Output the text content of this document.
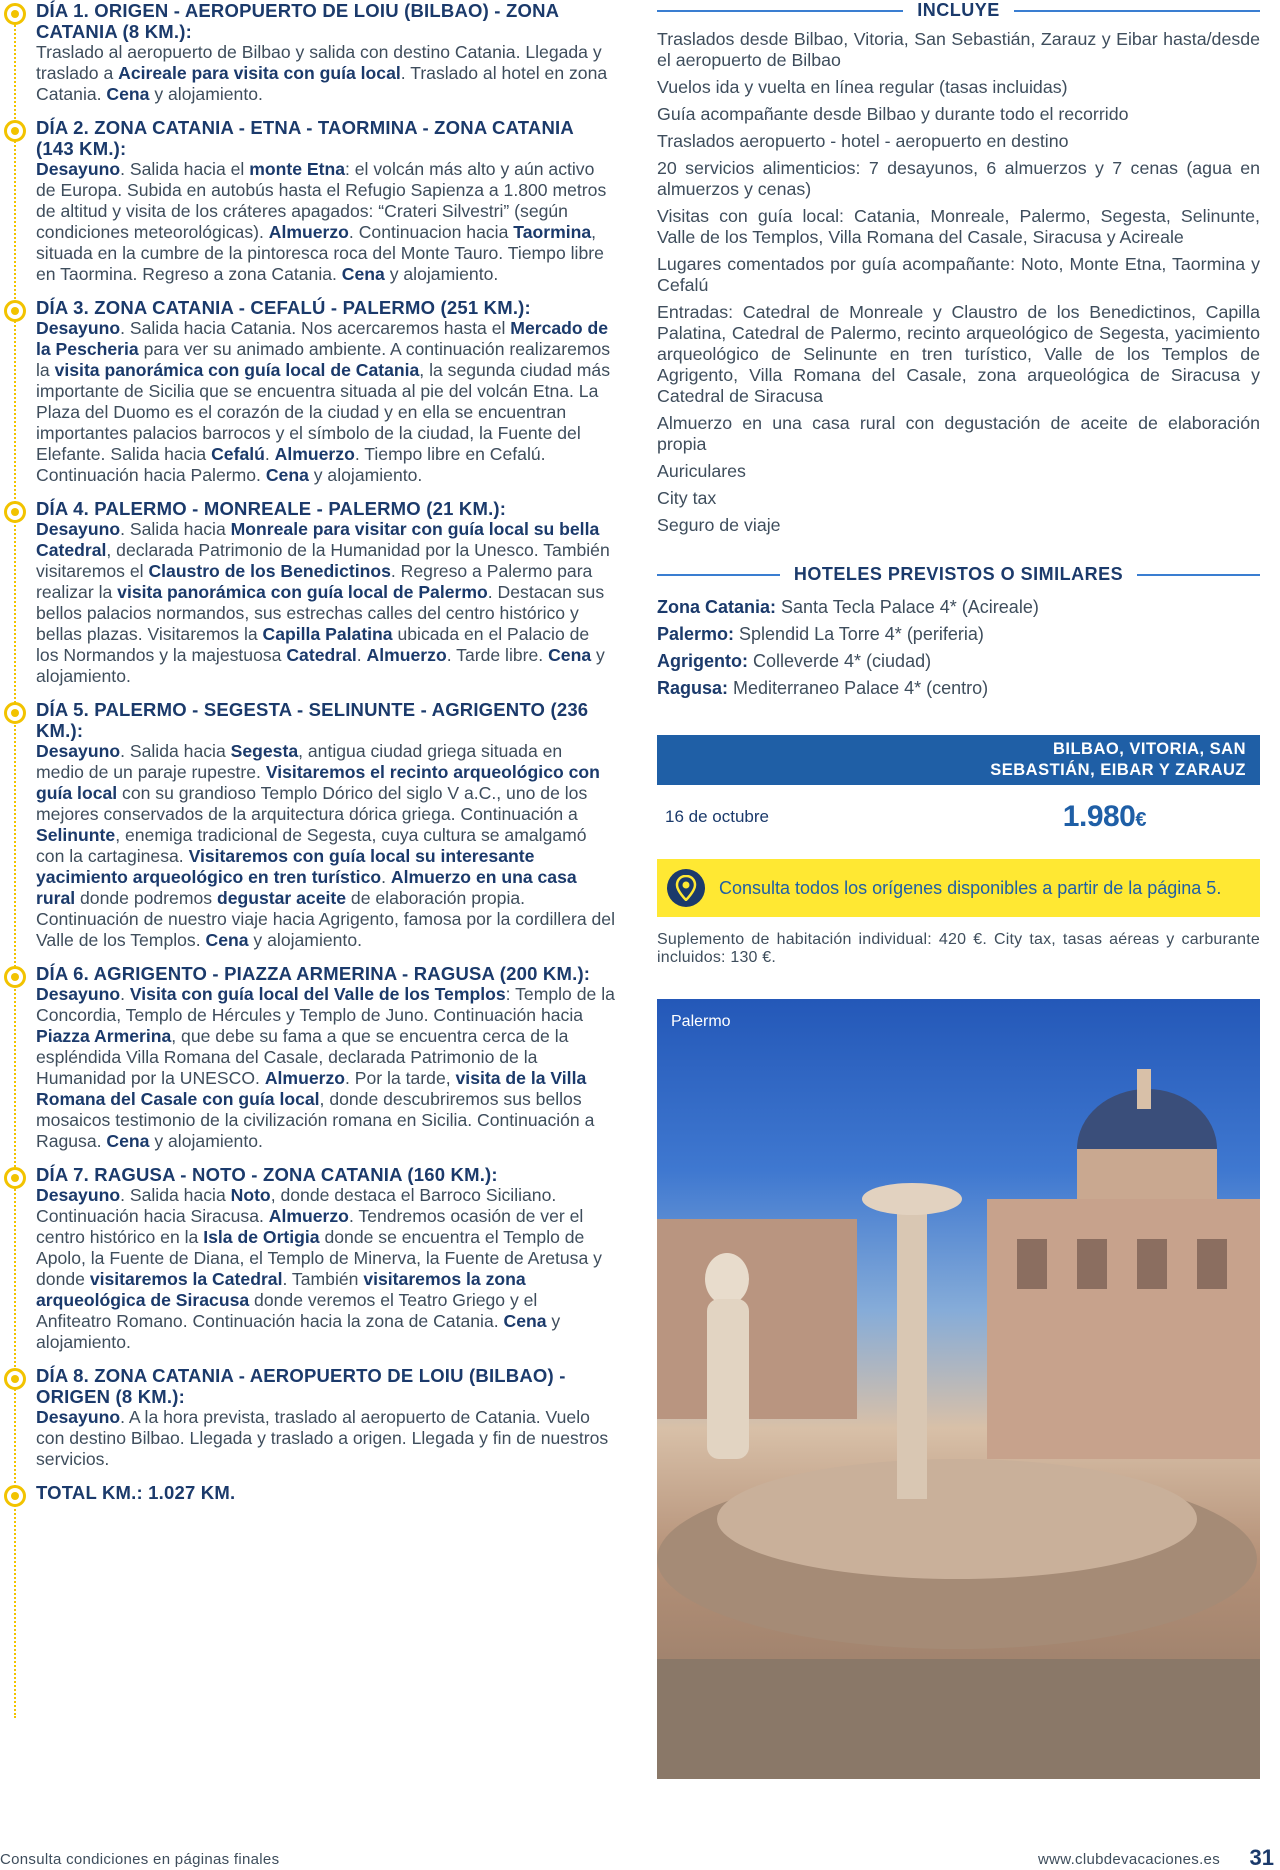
DÍA 1. ORIGEN - AEROPUERTO DE LOIU (BILBAO) - ZONA CATANIA (8 KM.):
Traslado al aeropuerto de Bilbao y salida con destino Catania. Llegada y traslado a Acireale para visita con guía local. Traslado al hotel en zona Catania. Cena y alojamiento.
DÍA 2. ZONA CATANIA - ETNA - TAORMINA - ZONA CATANIA (143 KM.):
Desayuno. Salida hacia el monte Etna: el volcán más alto y aún activo de Europa. Subida en autobús hasta el Refugio Sapienza a 1.800 metros de altitud y visita de los cráteres apagados: “Crateri Silvestri” (según condiciones meteorológicas). Almuerzo. Continuacion hacia Taormina, situada en la cumbre de la pintoresca roca del Monte Tauro. Tiempo libre en Taormina. Regreso a zona Catania. Cena y alojamiento.
DÍA 3. ZONA CATANIA - CEFALÚ - PALERMO (251 KM.):
Desayuno. Salida hacia Catania. Nos acercaremos hasta el Mercado de la Pescheria para ver su animado ambiente. A continuación realizaremos la visita panorámica con guía local de Catania, la segunda ciudad más importante de Sicilia que se encuentra situada al pie del volcán Etna. La Plaza del Duomo es el corazón de la ciudad y en ella se encuentran importantes palacios barrocos y el símbolo de la ciudad, la Fuente del Elefante. Salida hacia Cefalú. Almuerzo. Tiempo libre en Cefalú. Continuación hacia Palermo. Cena y alojamiento.
DÍA 4. PALERMO - MONREALE - PALERMO (21 KM.):
Desayuno. Salida hacia Monreale para visitar con guía local su bella Catedral, declarada Patrimonio de la Humanidad por la Unesco. También visitaremos el Claustro de los Benedictinos. Regreso a Palermo para realizar la visita panorámica con guía local de Palermo. Destacan sus bellos palacios normandos, sus estrechas calles del centro histórico y bellas plazas. Visitaremos la Capilla Palatina ubicada en el Palacio de los Normandos y la majestuosa Catedral. Almuerzo. Tarde libre. Cena y alojamiento.
DÍA 5. PALERMO - SEGESTA - SELINUNTE - AGRIGENTO (236 KM.):
Desayuno. Salida hacia Segesta, antigua ciudad griega situada en medio de un paraje rupestre. Visitaremos el recinto arqueológico con guía local con su grandioso Templo Dórico del siglo V a.C., uno de los mejores conservados de la arquitectura dórica griega. Continuación a Selinunte, enemiga tradicional de Segesta, cuya cultura se amalgamó con la cartaginesa. Visitaremos con guía local su interesante yacimiento arqueológico en tren turístico. Almuerzo en una casa rural donde podremos degustar aceite de elaboración propia. Continuación de nuestro viaje hacia Agrigento, famosa por la cordillera del Valle de los Templos. Cena y alojamiento.
DÍA 6. AGRIGENTO - PIAZZA ARMERINA - RAGUSA (200 KM.):
Desayuno. Visita con guía local del Valle de los Templos: Templo de la Concordia, Templo de Hércules y Templo de Juno. Continuación hacia Piazza Armerina, que debe su fama a que se encuentra cerca de la espléndida Villa Romana del Casale, declarada Patrimonio de la Humanidad por la UNESCO. Almuerzo. Por la tarde, visita de la Villa Romana del Casale con guía local, donde descubriremos sus bellos mosaicos testimonio de la civilización romana en Sicilia. Continuación a Ragusa. Cena y alojamiento.
DÍA 7. RAGUSA - NOTO - ZONA CATANIA (160 KM.):
Desayuno. Salida hacia Noto, donde destaca el Barroco Siciliano. Continuación hacia Siracusa. Almuerzo. Tendremos ocasión de ver el centro histórico en la Isla de Ortigia donde se encuentra el Templo de Apolo, la Fuente de Diana, el Templo de Minerva, la Fuente de Aretusa y donde visitaremos la Catedral. También visitaremos la zona arqueológica de Siracusa donde veremos el Teatro Griego y el Anfiteatro Romano. Continuación hacia la zona de Catania. Cena y alojamiento.
DÍA 8. ZONA CATANIA - AEROPUERTO DE LOIU (BILBAO) - ORIGEN (8 KM.):
Desayuno. A la hora prevista, traslado al aeropuerto de Catania. Vuelo con destino Bilbao. Llegada y traslado a origen. Llegada y fin de nuestros servicios.
TOTAL KM.: 1.027 KM.
INCLUYE
Traslados desde Bilbao, Vitoria, San Sebastián, Zarauz y Eibar hasta/desde el aeropuerto de Bilbao
Vuelos ida y vuelta en línea regular (tasas incluidas)
Guía acompañante desde Bilbao y durante todo el recorrido
Traslados aeropuerto - hotel - aeropuerto en destino
20 servicios alimenticios: 7 desayunos, 6 almuerzos y 7 cenas (agua en almuerzos y cenas)
Visitas con guía local: Catania, Monreale, Palermo, Segesta, Selinunte, Valle de los Templos, Villa Romana del Casale, Siracusa y Acireale
Lugares comentados por guía acompañante: Noto, Monte Etna, Taormina y Cefalú
Entradas: Catedral de Monreale y Claustro de los Benedictinos, Capilla Palatina, Catedral de Palermo, recinto arqueológico de Segesta, yacimiento arqueológico de Selinunte en tren turístico, Valle de los Templos de Agrigento, Villa Romana del Casale, zona arqueológica de Siracusa y Catedral de Siracusa
Almuerzo en una casa rural con degustación de aceite de elaboración propia
Auriculares
City tax
Seguro de viaje
HOTELES PREVISTOS O SIMILARES
Zona Catania: Santa Tecla Palace 4* (Acireale)
Palermo: Splendid La Torre 4* (periferia)
Agrigento: Colleverde 4* (ciudad)
Ragusa: Mediterraneo Palace 4* (centro)
BILBAO, VITORIA, SAN
SEBASTIÁN, EIBAR Y ZARAUZ
16 de octubre	1.980€
Consulta todos los orígenes disponibles a partir de la página 5.

Suplemento de habitación individual: 420 €. City tax, tasas aéreas y carburante incluidos: 130 €.

Palermo
Consulta condiciones en páginas finales	www.clubdevacaciones.es 31
